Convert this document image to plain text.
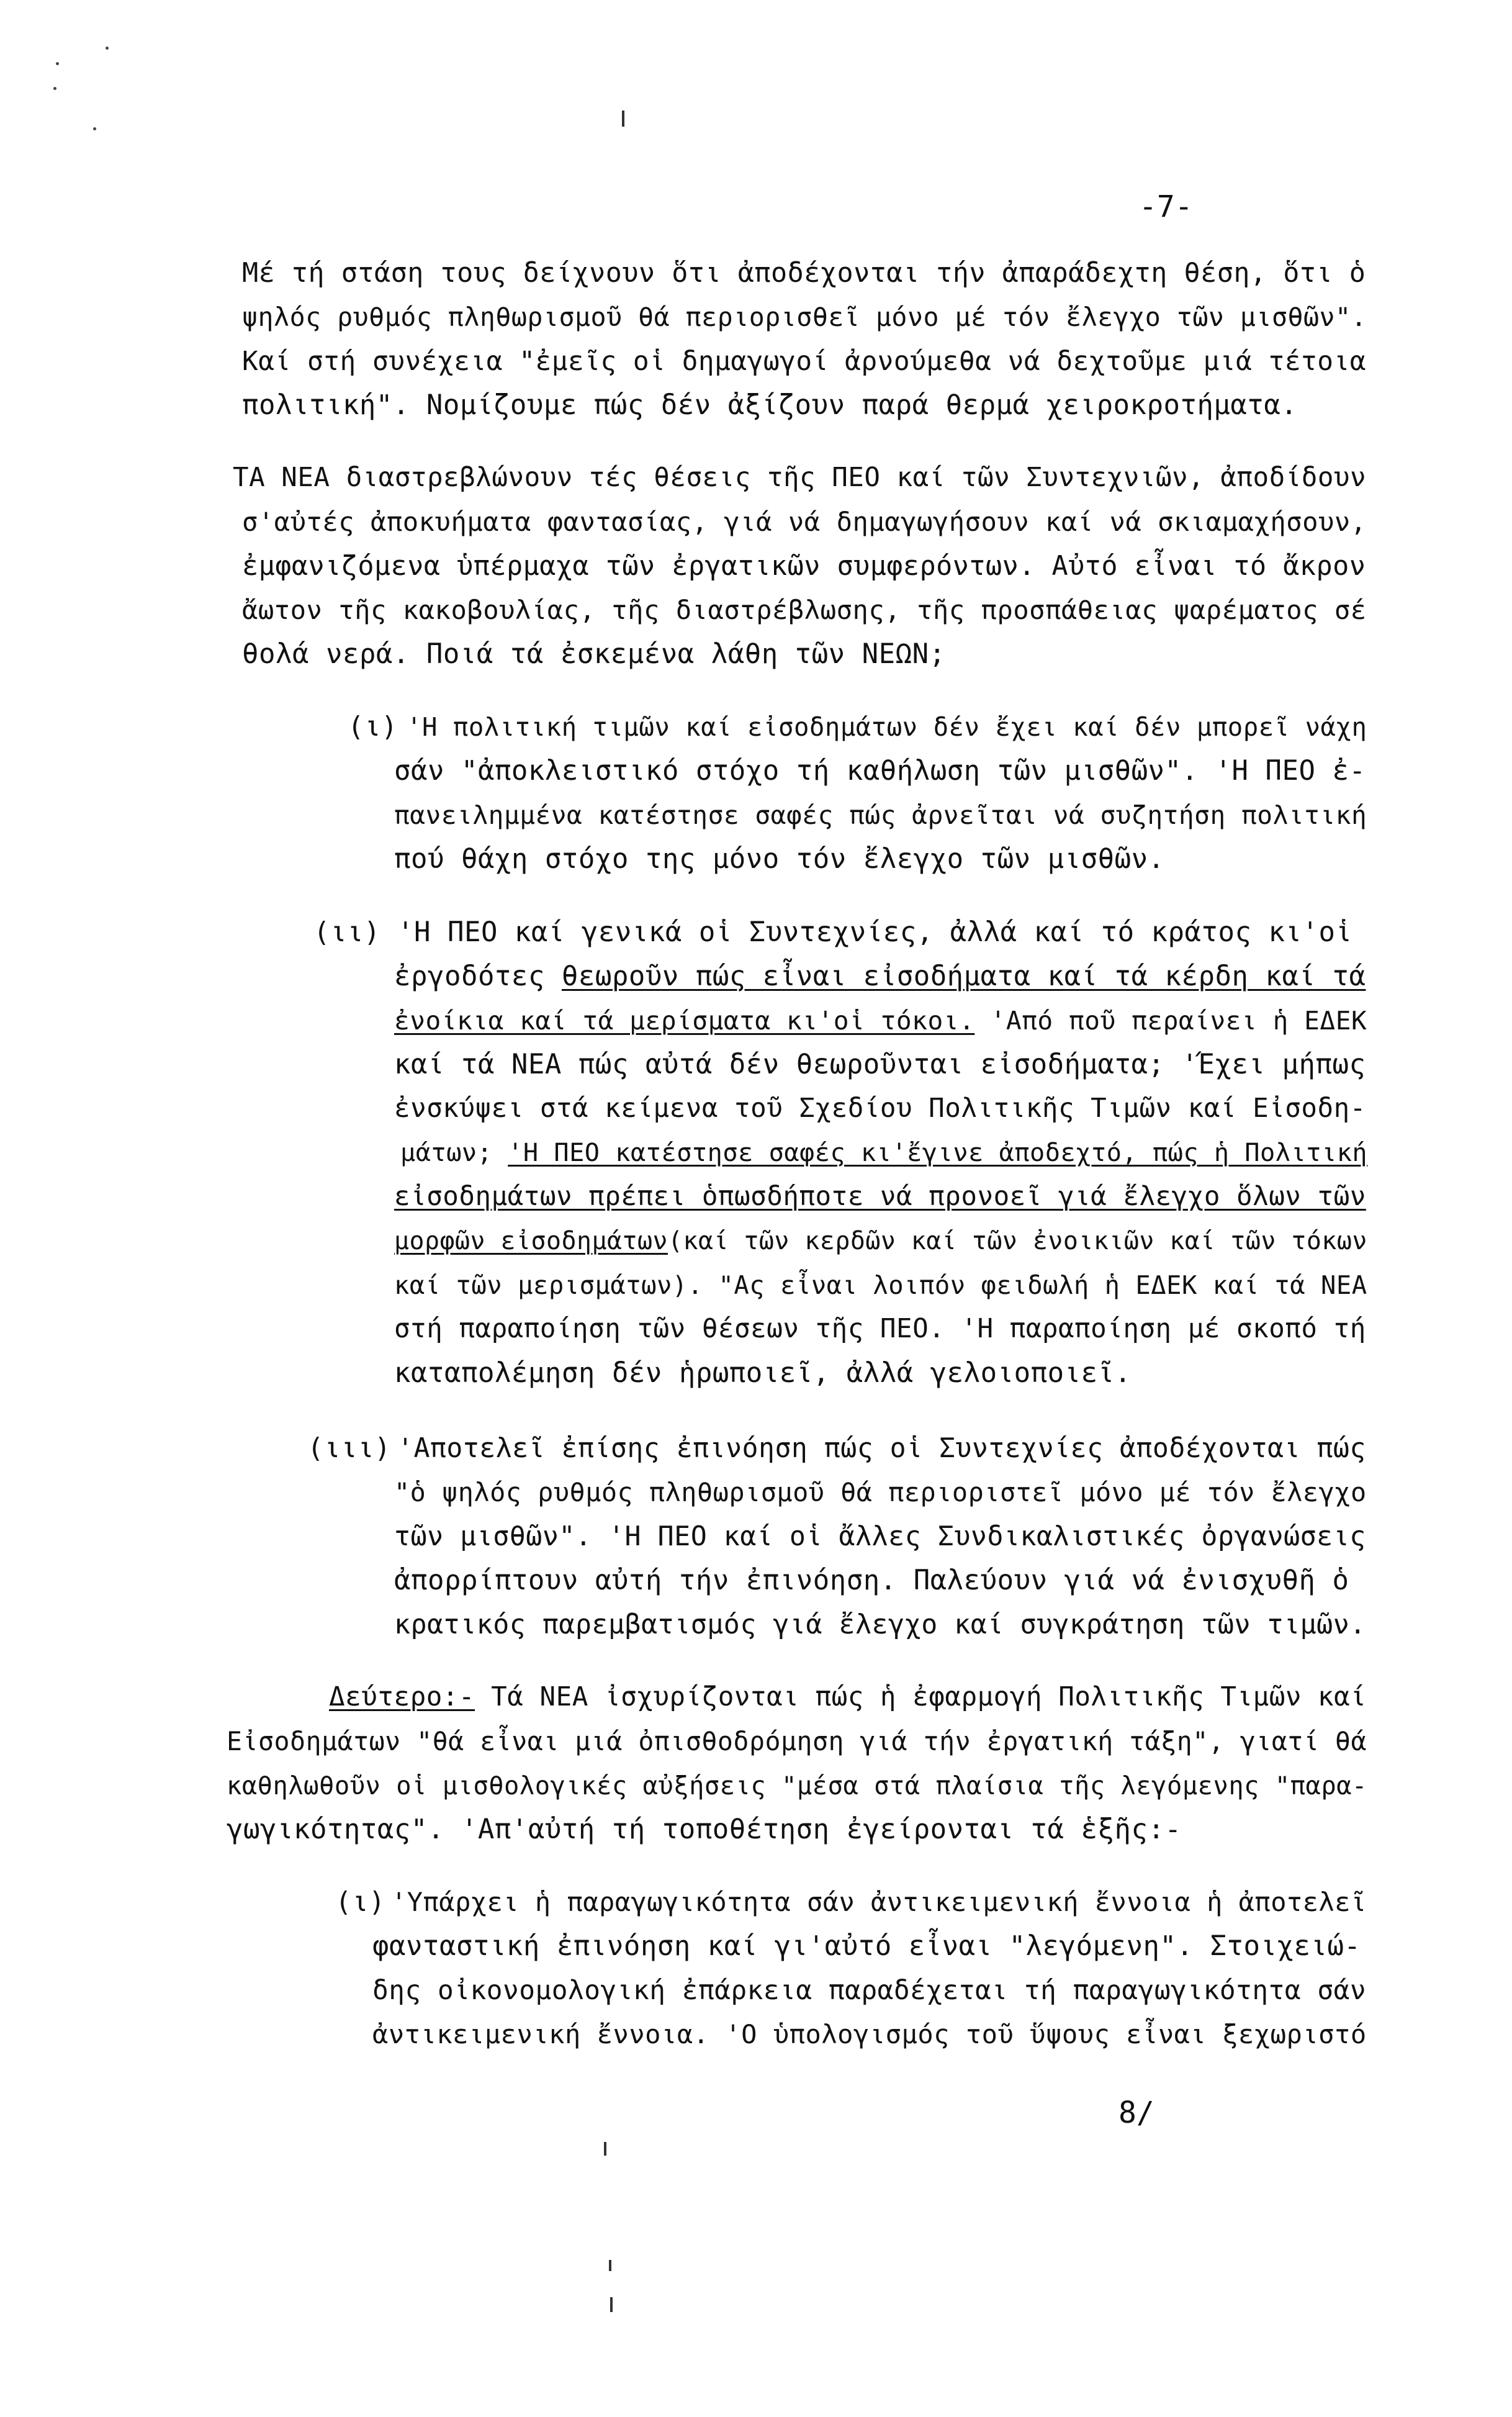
-7-
Μέ τή στάση τους δείχνουν ὅτι ἀποδέχονται τήν ἀπαράδεχτη θέση, ὅτι ὁ
ψηλός ρυθμός πληθωρισμοῦ θά περιορισθεῖ μόνο μέ τόν ἔλεγχο τῶν μισθῶν".
Καί στή συνέχεια "ἐμεῖς οἱ δημαγωγοί ἀρνούμεθα νά δεχτοῦμε μιά τέτοια
πολιτική". Νομίζουμε πώς δέν ἀξίζουν παρά θερμά χειροκροτήματα.
ΤΑ ΝΕΑ διαστρεβλώνουν τές θέσεις τῆς ΠΕΟ καί τῶν Συντεχνιῶν, ἀποδίδουν
σ'αὐτές ἀποκυήματα φαντασίας, γιά νά δημαγωγήσουν καί νά σκιαμαχήσουν,
ἐμφανιζόμενα ὑπέρμαχα τῶν ἐργατικῶν συμφερόντων. Αὐτό εἶναι τό ἄκρον
ἄωτον τῆς κακοβουλίας, τῆς διαστρέβλωσης, τῆς προσπάθειας ψαρέματος σέ
θολά νερά. Ποιά τά ἐσκεμένα λάθη τῶν ΝΕΩΝ;
(ι) 'Η πολιτική τιμῶν καί εἰσοδημάτων δέν ἔχει καί δέν μπορεῖ νάχη
σάν "ἀποκλειστικό στόχο τή καθήλωση τῶν μισθῶν". 'Η ΠΕΟ ἐ-
πανειλημμένα κατέστησε σαφές πώς ἀρνεῖται νά συζητήση πολιτική
πού θάχη στόχο της μόνο τόν ἔλεγχο τῶν μισθῶν.
(ιι) 'Η ΠΕΟ καί γενικά οἱ Συντεχνίες, ἀλλά καί τό κράτος κι'οἱ
ἐργοδότες θεωροῦν πώς εἶναι εἰσοδήματα καί τά κέρδη καί τά
ἐνοίκια καί τά μερίσματα κι'οἱ τόκοι. 'Από ποῦ περαίνει ἡ ΕΔΕΚ
καί τά ΝΕΑ πώς αὐτά δέν θεωροῦνται εἰσοδήματα; 'Έχει μήπως
ἐνσκύψει στά κείμενα τοῦ Σχεδίου Πολιτικῆς Τιμῶν καί Εἰσοδη-
μάτων; 'Η ΠΕΟ κατέστησε σαφές κι'ἔγινε ἀποδεχτό, πώς ἡ Πολιτική
εἰσοδημάτων πρέπει ὁπωσδήποτε νά προνοεῖ γιά ἔλεγχο ὅλων τῶν
μορφῶν εἰσοδημάτων(καί τῶν κερδῶν καί τῶν ἐνοικιῶν καί τῶν τόκων
καί τῶν μερισμάτων). "Ας εἶναι λοιπόν φειδωλή ἡ ΕΔΕΚ καί τά ΝΕΑ
στή παραποίηση τῶν θέσεων τῆς ΠΕΟ. 'Η παραποίηση μέ σκοπό τή
καταπολέμηση δέν ἡρωποιεῖ, ἀλλά γελοιοποιεῖ.
(ιιι) 'Αποτελεῖ ἐπίσης ἐπινόηση πώς οἱ Συντεχνίες ἀποδέχονται πώς
"ὁ ψηλός ρυθμός πληθωρισμοῦ θά περιοριστεῖ μόνο μέ τόν ἔλεγχο
τῶν μισθῶν". 'Η ΠΕΟ καί οἱ ἄλλες Συνδικαλιστικές ὀργανώσεις
ἀπορρίπτουν αὐτή τήν ἐπινόηση. Παλεύουν γιά νά ἐνισχυθῆ ὁ
κρατικός παρεμβατισμός γιά ἔλεγχο καί συγκράτηση τῶν τιμῶν.
Δεύτερο:- Τά ΝΕΑ ἰσχυρίζονται πώς ἡ ἐφαρμογή Πολιτικῆς Τιμῶν καί
Εἰσοδημάτων "θά εἶναι μιά ὀπισθοδρόμηση γιά τήν ἐργατική τάξη", γιατί θά
καθηλωθοῦν οἱ μισθολογικές αὐξήσεις "μέσα στά πλαίσια τῆς λεγόμενης "παρα-
γωγικότητας". 'Απ'αὐτή τή τοποθέτηση ἐγείρονται τά ἑξῆς:-
(ι) 'Υπάρχει ἡ παραγωγικότητα σάν ἀντικειμενική ἔννοια ἡ ἀποτελεῖ
φανταστική ἐπινόηση καί γι'αὐτό εἶναι "λεγόμενη". Στοιχειώ-
δης οἰκονομολογική ἐπάρκεια παραδέχεται τή παραγωγικότητα σάν
ἀντικειμενική ἔννοια. 'Ο ὑπολογισμός τοῦ ὕψους εἶναι ξεχωριστό
8/
